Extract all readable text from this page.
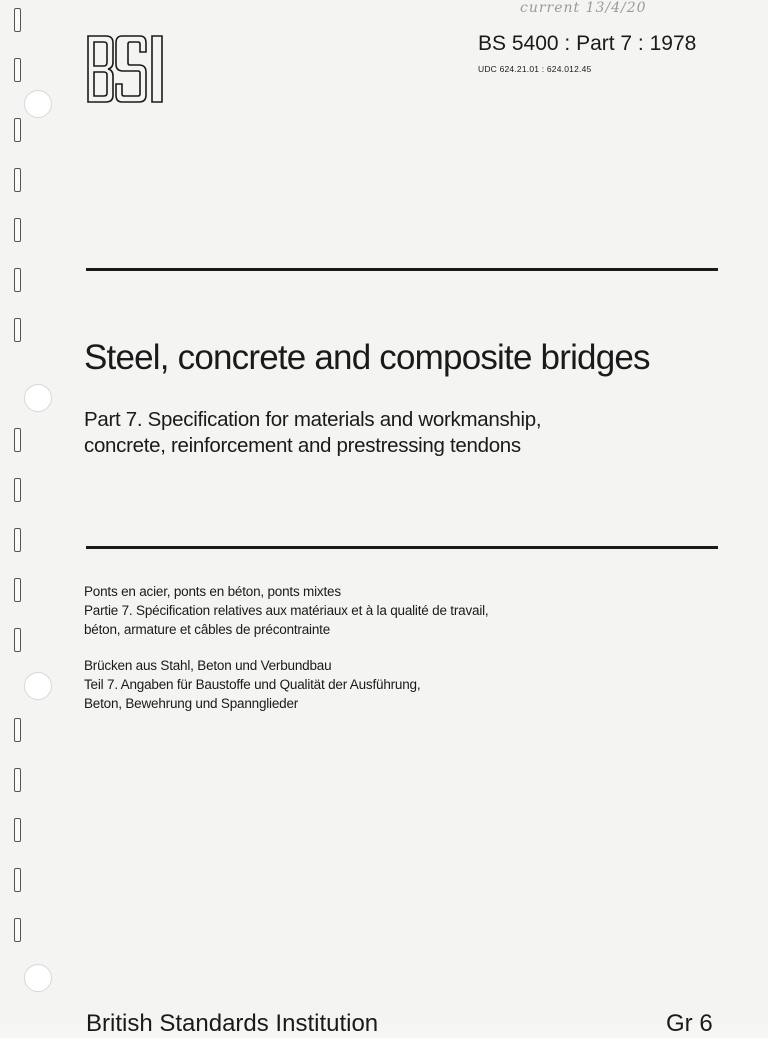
current 13/4/20
BS 5400 : Part 7 : 1978
UDC 624.21.01 : 624.012.45
Steel, concrete and composite bridges
Part 7. Specification for materials and workmanship,
concrete, reinforcement and prestressing tendons
Ponts en acier, ponts en béton, ponts mixtes
Partie 7. Spécification relatives aux matériaux et à la qualité de travail,
béton, armature et câbles de précontrainte
Brücken aus Stahl, Beton und Verbundbau
Teil 7. Angaben für Baustoffe und Qualität der Ausführung,
Beton, Bewehrung und Spannglieder
British Standards Institution	Gr 6
